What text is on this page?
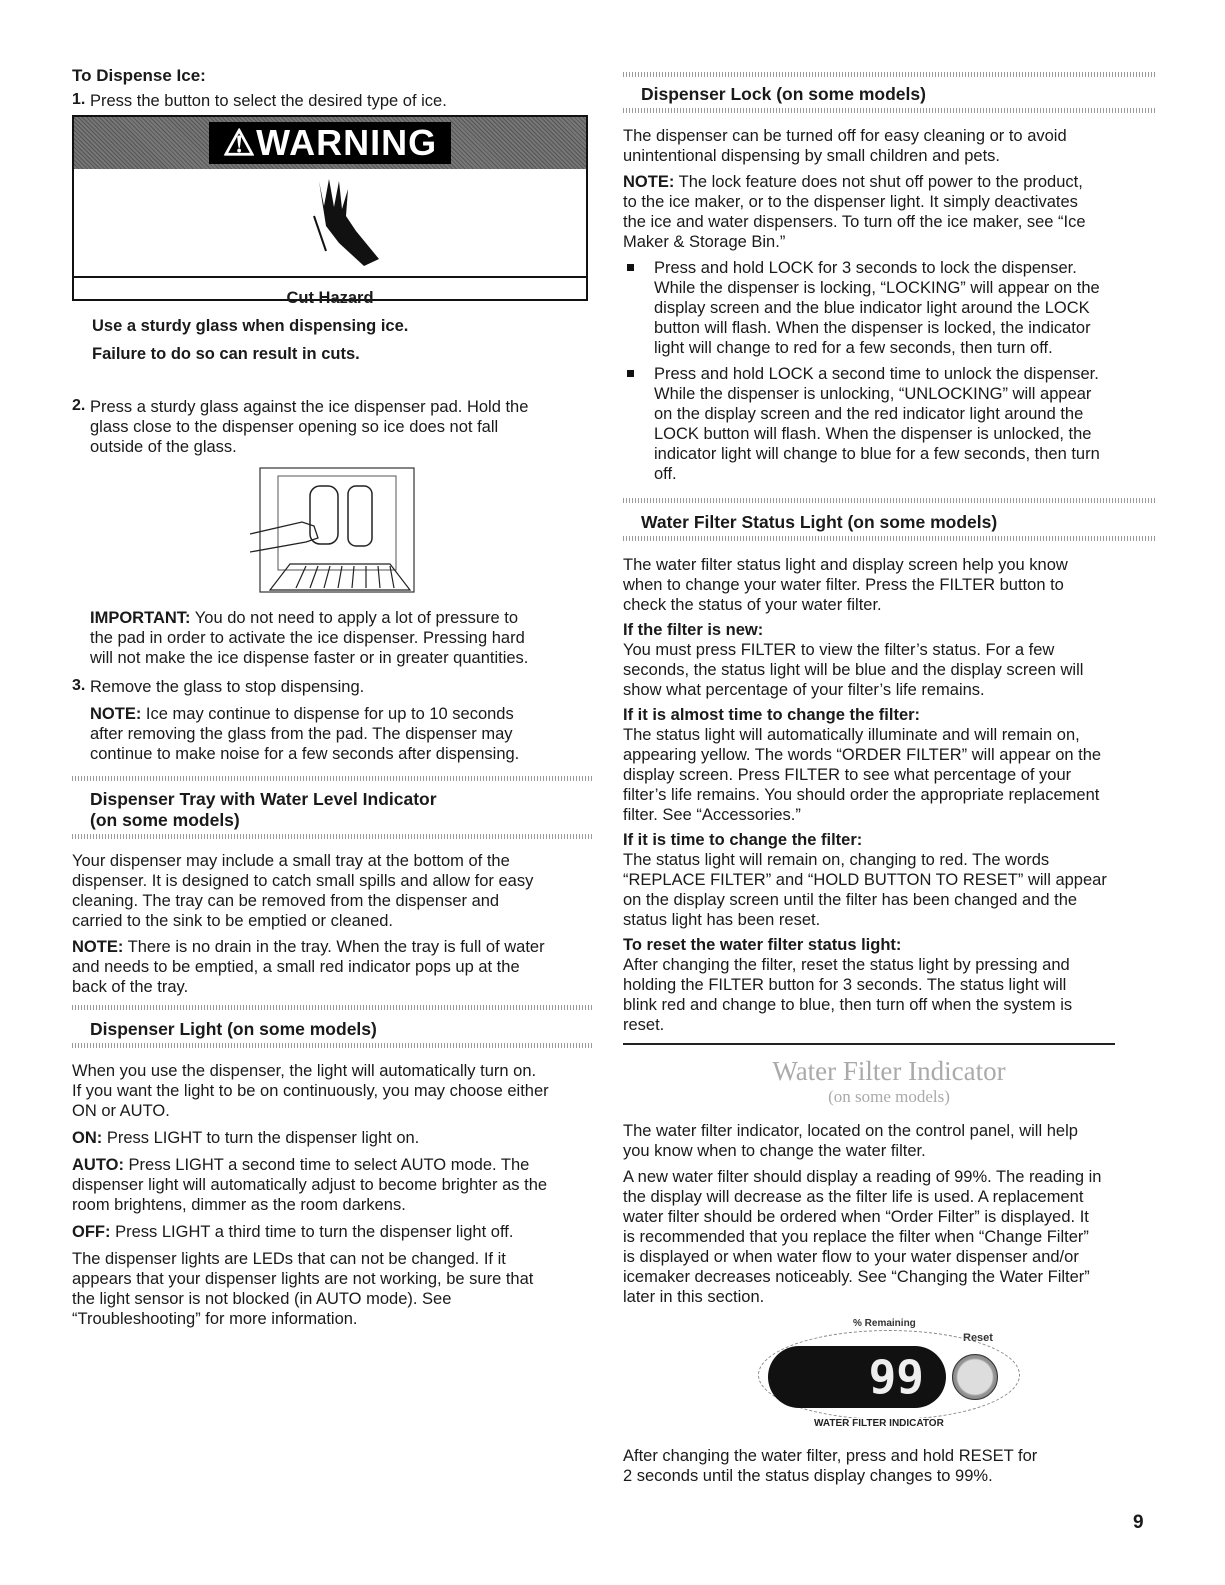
To Dispense Ice:

1. Press the button to select the desired type of ice.

⚠WARNING

Cut Hazard

Use a sturdy glass when dispensing ice.

Failure to do so can result in cuts.

2. Press a sturdy glass against the ice dispenser pad. Hold the

glass close to the dispenser opening so ice does not fall

outside of the glass.

IMPORTANT: You do not need to apply a lot of pressure to

the pad in order to activate the ice dispenser. Pressing hard

will not make the ice dispense faster or in greater quantities.

3. Remove the glass to stop dispensing.

NOTE: Ice may continue to dispense for up to 10 seconds

after removing the glass from the pad. The dispenser may

continue to make noise for a few seconds after dispensing.

Dispenser Tray with Water Level Indicator
(on some models)

Your dispenser may include a small tray at the bottom of the

dispenser. It is designed to catch small spills and allow for easy

cleaning. The tray can be removed from the dispenser and

carried to the sink to be emptied or cleaned.

NOTE: There is no drain in the tray. When the tray is full of water

and needs to be emptied, a small red indicator pops up at the

back of the tray.

Dispenser Light (on some models)

When you use the dispenser, the light will automatically turn on.

If you want the light to be on continuously, you may choose either

ON or AUTO.

ON: Press LIGHT to turn the dispenser light on.

AUTO: Press LIGHT a second time to select AUTO mode. The

dispenser light will automatically adjust to become brighter as the

room brightens, dimmer as the room darkens.

OFF: Press LIGHT a third time to turn the dispenser light off.

The dispenser lights are LEDs that can not be changed. If it

appears that your dispenser lights are not working, be sure that

the light sensor is not blocked (in AUTO mode). See

“Troubleshooting” for more information.

Dispenser Lock (on some models)

The dispenser can be turned off for easy cleaning or to avoid

unintentional dispensing by small children and pets.

NOTE: The lock feature does not shut off power to the product,

to the ice maker, or to the dispenser light. It simply deactivates

the ice and water dispensers. To turn off the ice maker, see “Ice

Maker & Storage Bin.”

Press and hold LOCK for 3 seconds to lock the dispenser.

While the dispenser is locking, “LOCKING” will appear on the

display screen and the blue indicator light around the LOCK

button will flash. When the dispenser is locked, the indicator

light will change to red for a few seconds, then turn off.

Press and hold LOCK a second time to unlock the dispenser.

While the dispenser is unlocking, “UNLOCKING” will appear

on the display screen and the red indicator light around the

LOCK button will flash. When the dispenser is unlocked, the

indicator light will change to blue for a few seconds, then turn

off.

Water Filter Status Light (on some models)

The water filter status light and display screen help you know

when to change your water filter. Press the FILTER button to

check the status of your water filter.

If the filter is new:

You must press FILTER to view the filter’s status. For a few

seconds, the status light will be blue and the display screen will

show what percentage of your filter’s life remains.

If it is almost time to change the filter:

The status light will automatically illuminate and will remain on,

appearing yellow. The words “ORDER FILTER” will appear on the

display screen. Press FILTER to see what percentage of your

filter’s life remains. You should order the appropriate replacement

filter. See “Accessories.”

If it is time to change the filter:

The status light will remain on, changing to red. The words

“REPLACE FILTER” and “HOLD BUTTON TO RESET” will appear

on the display screen until the filter has been changed and the

status light has been reset.

To reset the water filter status light:

After changing the filter, reset the status light by pressing and

holding the FILTER button for 3 seconds. The status light will

blink red and change to blue, then turn off when the system is

reset.

Water Filter Indicator
(on some models)

The water filter indicator, located on the control panel, will help

you know when to change the water filter.

A new water filter should display a reading of 99%. The reading in

the display will decrease as the filter life is used. A replacement

water filter should be ordered when “Order Filter” is displayed. It

is recommended that you replace the filter when “Change Filter”

is displayed or when water flow to your water dispenser and/or

icemaker decreases noticeably. See “Changing the Water Filter”

later in this section.

% Remaining
Reset
99
WATER FILTER INDICATOR

After changing the water filter, press and hold RESET for

2 seconds until the status display changes to 99%.

9
